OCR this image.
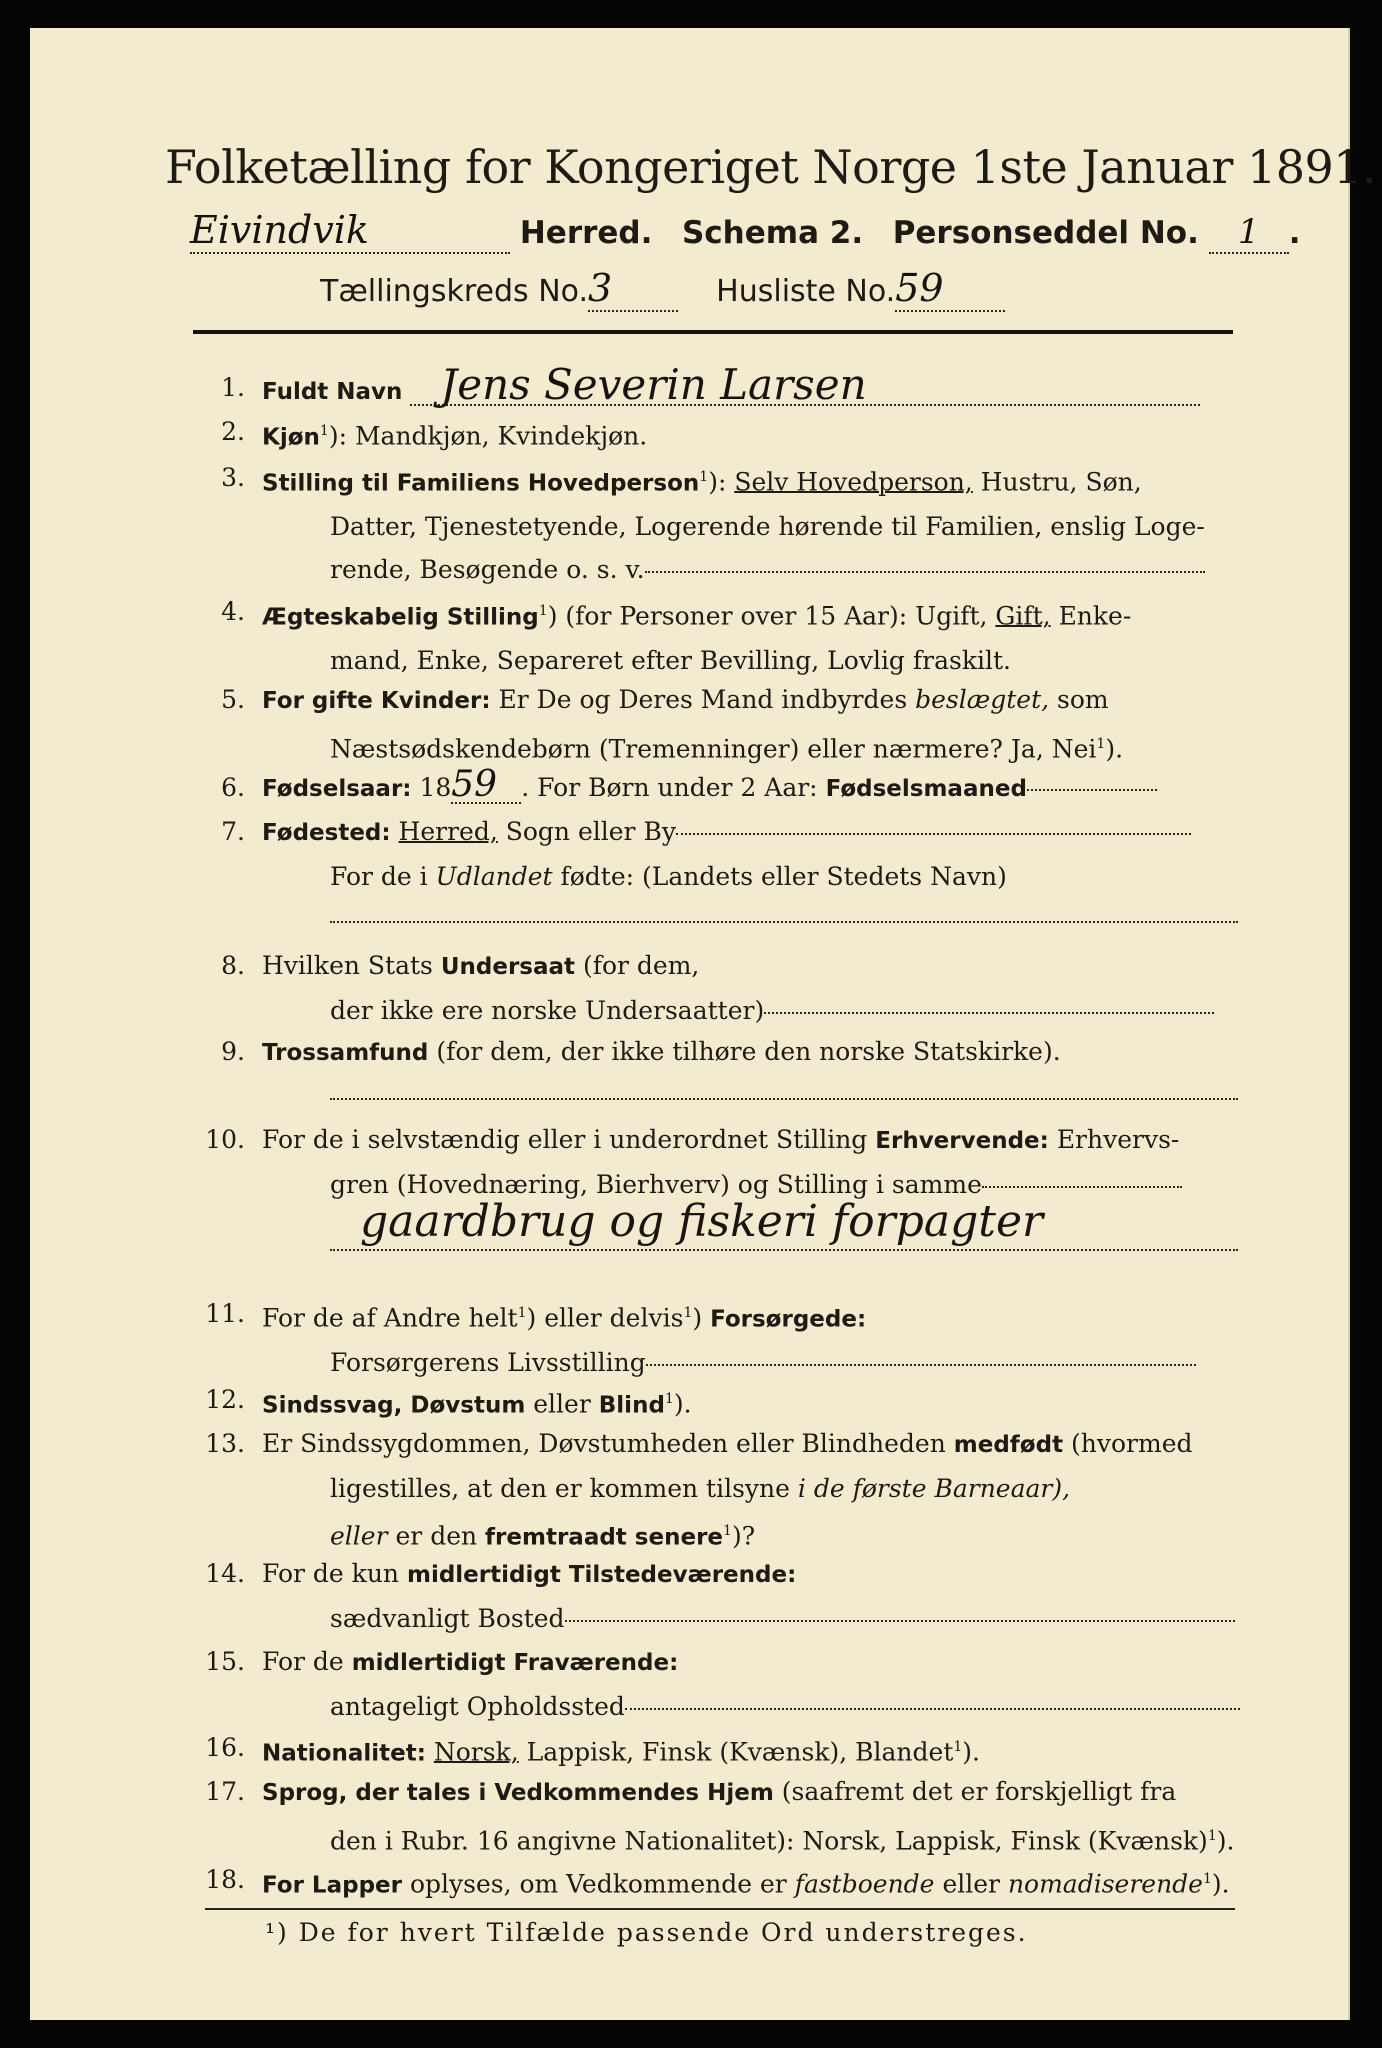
Folketælling for Kongeriget Norge 1ste Januar 1891.
Eivindvik	Herred. Schema 2. Personseddel No. 1 .
Tællingskreds No.3	Husliste No.59
1. Fuldt Navn Jens Severin Larsen
2. Kjøn$^1$): Mandkjøn, Kvindekjøn.
3. Stilling til Familiens Hovedperson$^1$): Selv Hovedperson, Hustru, Søn,
Datter, Tjenestetyende, Logerende hørende til Familien, enslig Loge-
rende, Besøgende o. s. v.
4. Ægteskabelig Stilling$^1$) (for Personer over 15 Aar): Ugift, Gift, Enke-
mand, Enke, Separeret efter Bevilling, Lovlig fraskilt.
5. For gifte Kvinder: Er De og Deres Mand indbyrdes beslægtet, som
Næstsødskendebørn (Tremenninger) eller nærmere? Ja, Nei$^1$).
6. Fødselsaar: 1859 . For Børn under 2 Aar: Fødselsmaaned
7. Fødested: Herred, Sogn eller By
For de i Udlandet fødte: (Landets eller Stedets Navn)
8. Hvilken Stats Undersaat (for dem,
der ikke ere norske Undersaatter)
9. Trossamfund (for dem, der ikke tilhøre den norske Statskirke).
10. For de i selvstændig eller i underordnet Stilling Erhvervende: Erhvervs-
gren (Hovednæring, Bierhverv) og Stilling i samme
gaardbrug og fiskeri forpagter
11. For de af Andre helt$^1$) eller delvis$^1$) Forsørgede:
Forsørgerens Livsstilling
12. Sindssvag, Døvstum eller Blind$^1$).
13. Er Sindssygdommen, Døvstumheden eller Blindheden medfødt (hvormed
ligestilles, at den er kommen tilsyne i de første Barneaar),
eller er den fremtraadt senere$^1$)?
14. For de kun midlertidigt Tilstedeværende:
sædvanligt Bosted
15. For de midlertidigt Fraværende:
antageligt Opholdssted
16. Nationalitet: Norsk, Lappisk, Finsk (Kvænsk), Blandet$^1$).
17. Sprog, der tales i Vedkommendes Hjem (saafremt det er forskjelligt fra
den i Rubr. 16 angivne Nationalitet): Norsk, Lappisk, Finsk (Kvænsk)$^1$).
18. For Lapper oplyses, om Vedkommende er fastboende eller nomadiserende$^1$).
¹) De for hvert Tilfælde passende Ord understreges.
